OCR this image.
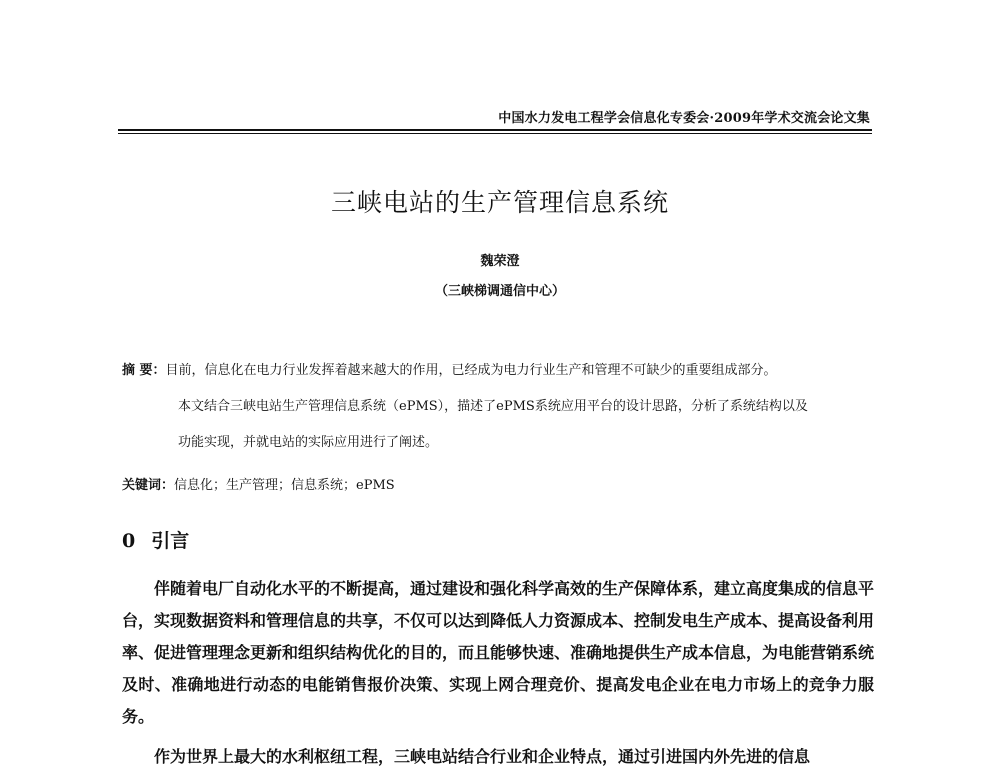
中国水力发电工程学会信息化专委会·2009年学术交流会论文集
三峡电站的生产管理信息系统
魏荣澄
（三峡梯调通信中心）
摘 要：目前，信息化在电力行业发挥着越来越大的作用，已经成为电力行业生产和管理不可缺少的重要组成部分。
本文结合三峡电站生产管理信息系统（ePMS），描述了ePMS系统应用平台的设计思路，分析了系统结构以及
功能实现，并就电站的实际应用进行了阐述。
关键词：信息化；生产管理；信息系统；ePMS
0 引言

伴随着电厂自动化水平的不断提高，通过建设和强化科学高效的生产保障体系，建立高度集成的信息平台，实现数据资料和管理信息的共享，不仅可以达到降低人力资源成本、控制发电生产成本、提高设备利用率、促进管理理念更新和组织结构优化的目的，而且能够快速、准确地提供生产成本信息，为电能营销系统及时、准确地进行动态的电能销售报价决策、实现上网合理竞价、提高发电企业在电力市场上的竞争力服务。

作为世界上最大的水利枢纽工程，三峡电站结合行业和企业特点，通过引进国内外先进的信息
